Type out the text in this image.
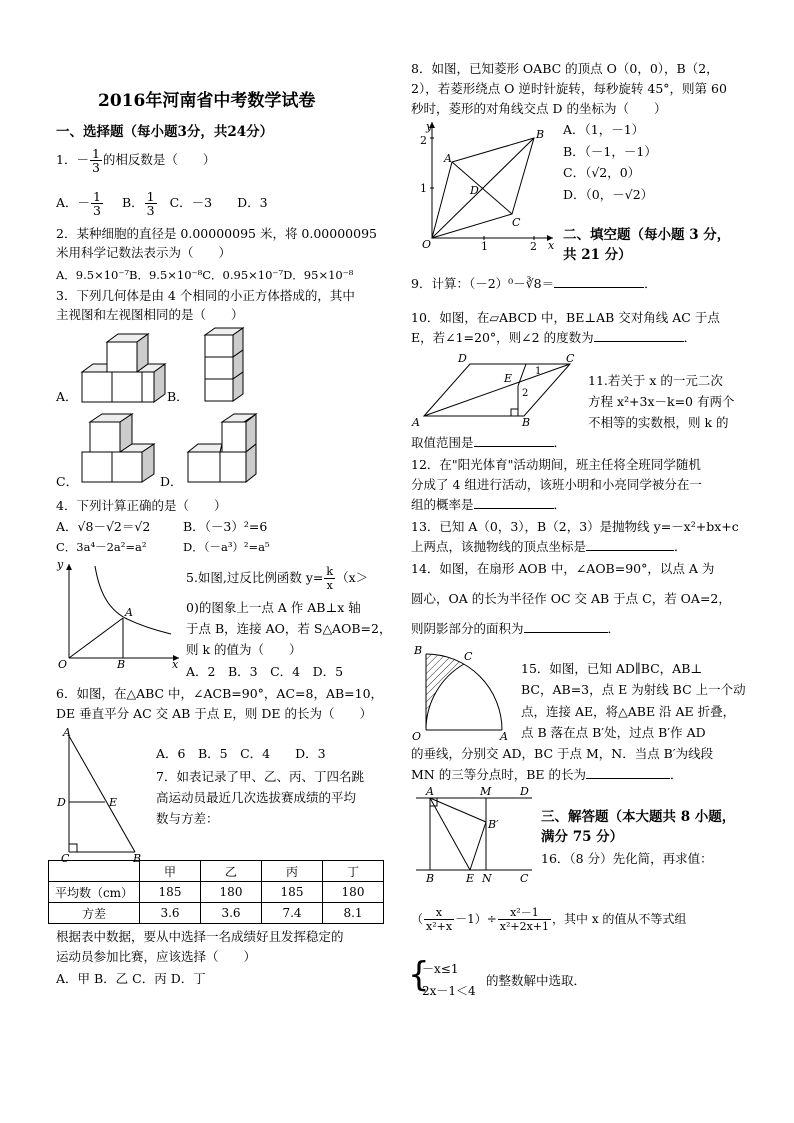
2016年河南省中考数学试卷
一、选择题（每小题3分，共24分）
1．－ $\frac{1}{3}$ 的相反数是（　　）
A．－ $\frac{1}{3}$ B． $\frac{1}{3}$ C．－3　　D．3
2．某种细胞的直径是 0.00000095 米，将 0.00000095
米用科学记数法表示为（　　）
A．9.5×10⁻⁷B．9.5×10⁻⁸C．0.95×10⁻⁷D．95×10⁻⁸
3．下列几何体是由 4 个相同的小正方体搭成的，其中
主视图和左视图相同的是（　　）
A．	B．
C．	D．
4．下列计算正确的是（　　）
A．√8－√2＝√2	B．（－3）²=6
C．3a⁴－2a²=a²	D．（－a³）²=a⁵
y
x
A
B
O
5.如图,过反比例函数 $y= \frac{k}{x} (x>$
0)的图象上一点 A 作 AB⊥x 轴
于点 B，连接 AO，若 S△AOB=2，
则 k 的值为（　　）
A．2　B．3　C．4　D．5
6．如图，在△ABC 中，∠ACB=90°，AC=8，AB=10，
DE 垂直平分 AC 交 AB 于点 E，则 DE 的长为（　　）
A
D	E
C	B
A．6　B．5　C．4　　D．3
7．如表记录了甲、乙、丙、丁四名跳
高运动员最近几次选拔赛成绩的平均
数与方差：
	甲	乙	丙	丁
平均数（cm）	185	180	185	180
方差	3.6	3.6	7.4	8.1
根据表中数据，要从中选择一名成绩好且发挥稳定的
运动员参加比赛，应该选择（　　）
A．甲 B．乙 C．丙 D．丁
8．如图，已知菱形 OABC 的顶点 O（0，0），B（2，
2），若菱形绕点 O 逆时针旋转，每秒旋转 45°，则第 60
秒时，菱形的对角线交点 D 的坐标为（　　）
y
x
2
1
1	2
O
A
B
C
D
A．（1，－1）
B．（－1，－1）
C．（√2，0）
D．（0，－√2）
二、填空题（每小题 3 分，
共 21 分）
9．计算：（－2）⁰－∛8＝	．
10．如图，在▱ABCD 中，BE⊥AB 交对角线 AC 于点
E，若∠1=20°，则∠2 的度数为	．
D	C
E
A	B
1
2
11.若关于 x 的一元二次
方程 x²+3x－k=0 有两个
不相等的实数根，则 k 的
取值范围是	．
12．在"阳光体育"活动期间，班主任将全班同学随机
分成了 4 组进行活动，该班小明和小亮同学被分在一
组的概率是	．
13．已知 A（0，3），B（2，3）是抛物线 y=－x²+bx+c
上两点，该抛物线的顶点坐标是	．
14．如图，在扇形 AOB 中，∠AOB=90°，以点 A 为
圆心，OA 的长为半径作 OC 交 AB 于点 C，若 OA=2，
则阴影部分的面积为	．
B	C
O	A
15．如图，已知 AD∥BC，AB⊥
BC，AB=3，点 E 为射线 BC 上一个动
点，连接 AE，将△ABE 沿 AE 折叠，
点 B 落在点 B′处，过点 B′作 AD
的垂线，分别交 AD，BC 于点 M，N．当点 B′为线段
MN 的三等分点时，BE 的长为	．
A	M	D
B′
B	E N	C
三、解答题（本大题共 8 小题，
满分 75 分）
16．（8 分）先化简，再求值：
（ $\frac{x}{\text{x²+x}} -1)\div \frac{\text{x²－1}}{\text{x²+2x+1}}$ ，其中 x 的值从不等式组
{
－x≤1
2x－1＜4
的整数解中选取．
